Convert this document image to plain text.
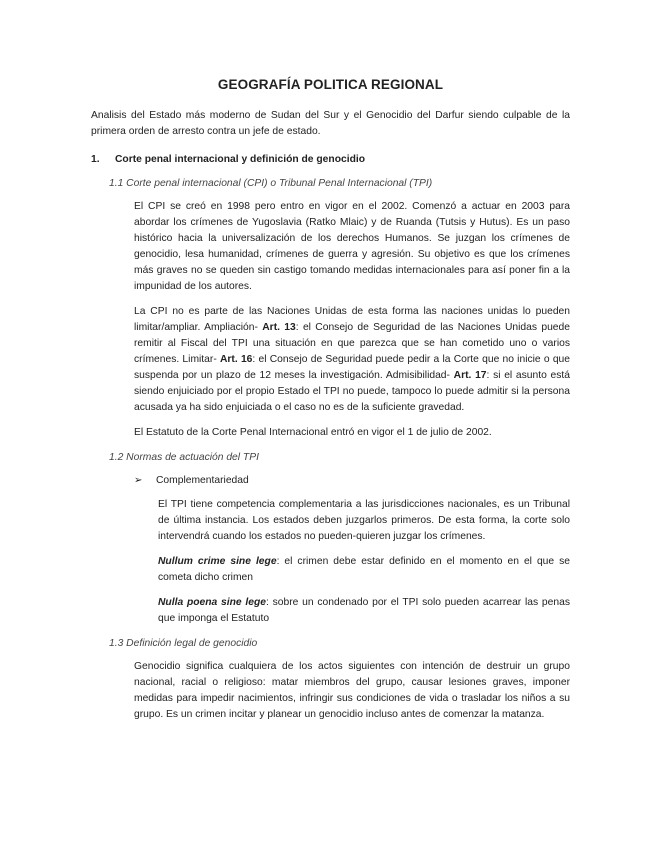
GEOGRAFÍA POLITICA REGIONAL

Analisis del Estado más moderno de Sudan del Sur y el Genocidio del Darfur siendo culpable de la primera orden de arresto contra un jefe de estado.

1.	Corte penal internacional y definición de genocidio

1.1 Corte penal internacional (CPI) o Tribunal Penal Internacional (TPI)

El CPI se creó en 1998 pero entro en vigor en el 2002. Comenzó a actuar en 2003 para abordar los crímenes de Yugoslavia (Ratko Mlaic) y de Ruanda (Tutsis y Hutus). Es un paso histórico hacia la universalización de los derechos Humanos. Se juzgan los crímenes de genocidio, lesa humanidad, crímenes de guerra y agresión. Su objetivo es que los crímenes más graves no se queden sin castigo tomando medidas internacionales para así poner fin a la impunidad de los autores.

La CPI no es parte de las Naciones Unidas de esta forma las naciones unidas lo pueden limitar/ampliar. Ampliación- Art. 13: el Consejo de Seguridad de las Naciones Unidas puede remitir al Fiscal del TPI una situación en que parezca que se han cometido uno o varios crímenes. Limitar- Art. 16: el Consejo de Seguridad puede pedir a la Corte que no inicie o que suspenda por un plazo de 12 meses la investigación. Admisibilidad- Art. 17: si el asunto está siendo enjuiciado por el propio Estado el TPI no puede, tampoco lo puede admitir si la persona acusada ya ha sido enjuiciada o el caso no es de la suficiente gravedad.

El Estatuto de la Corte Penal Internacional entró en vigor el 1 de julio de 2002.

1.2 Normas de actuación del TPI

➢	Complementariedad

El TPI tiene competencia complementaria a las jurisdicciones nacionales, es un Tribunal de última instancia. Los estados deben juzgarlos primeros. De esta forma, la corte solo intervendrá cuando los estados no pueden-quieren juzgar los crímenes.

Nullum crime sine lege: el crimen debe estar definido en el momento en el que se cometa dicho crimen

Nulla poena sine lege: sobre un condenado por el TPI solo pueden acarrear las penas que imponga el Estatuto

1.3 Definición legal de genocidio

Genocidio significa cualquiera de los actos siguientes con intención de destruir un grupo nacional, racial o religioso: matar miembros del grupo, causar lesiones graves, imponer medidas para impedir nacimientos, infringir sus condiciones de vida o trasladar los niños a su grupo. Es un crimen incitar y planear un genocidio incluso antes de comenzar la matanza.
